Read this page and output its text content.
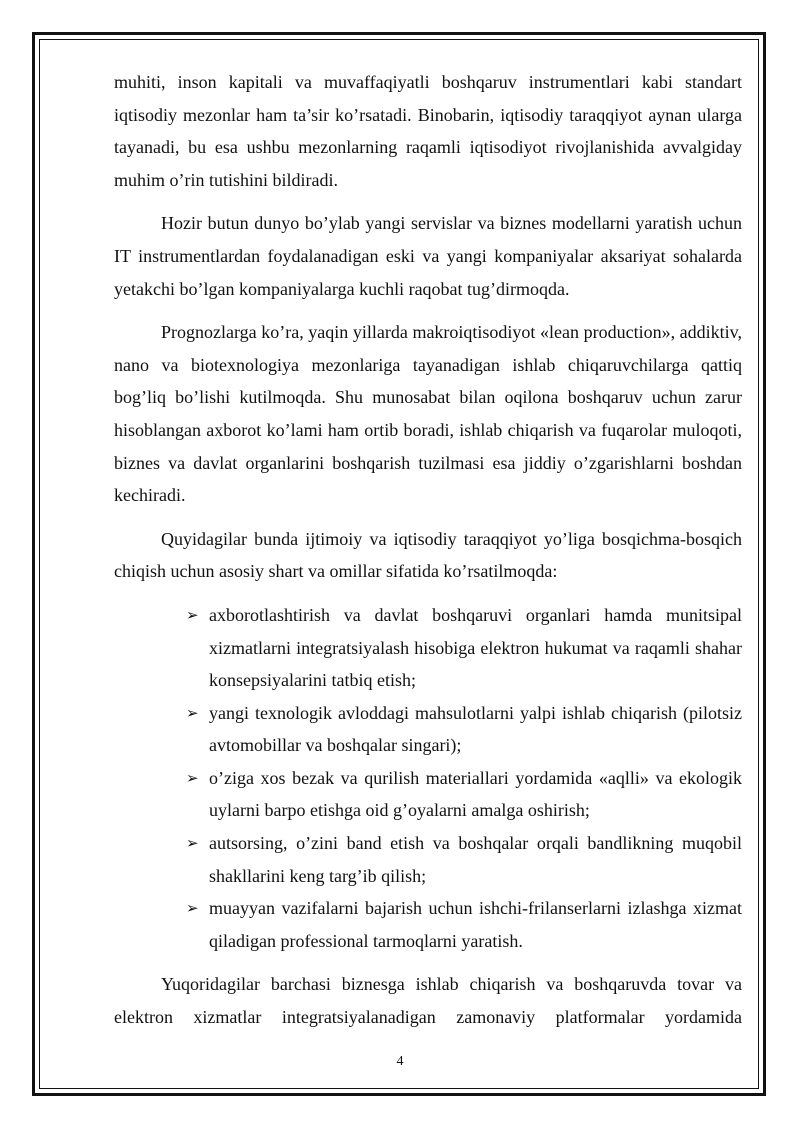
muhiti, inson kapitali va muvaffaqiyatli boshqaruv instrumentlari kabi standart iqtisodiy mezonlar ham ta’sir ko’rsatadi. Binobarin, iqtisodiy taraqqiyot aynan ularga tayanadi, bu esa ushbu mezonlarning raqamli iqtisodiyot rivojlanishida avvalgiday muhim o’rin tutishini bildiradi.

Hozir butun dunyo bo’ylab yangi servislar va biznes modellarni yaratish uchun IT instrumentlardan foydalanadigan eski va yangi kompaniyalar aksariyat sohalarda yetakchi bo’lgan kompaniyalarga kuchli raqobat tug’dirmoqda.

Prognozlarga ko’ra, yaqin yillarda makroiqtisodiyot «lean production», addiktiv, nano va biotexnologiya mezonlariga tayanadigan ishlab chiqaruvchilarga qattiq bog’liq bo’lishi kutilmoqda. Shu munosabat bilan oqilona boshqaruv uchun zarur hisoblangan axborot ko’lami ham ortib boradi, ishlab chiqarish va fuqarolar muloqoti, biznes va davlat organlarini boshqarish tuzilmasi esa jiddiy o’zgarishlarni boshdan kechiradi.

Quyidagilar bunda ijtimoiy va iqtisodiy taraqqiyot yo’liga bosqichma-bosqich chiqish uchun asosiy shart va omillar sifatida ko’rsatilmoqda:

➢ axborotlashtirish va davlat boshqaruvi organlari hamda munitsipal xizmatlarni integratsiyalash hisobiga elektron hukumat va raqamli shahar konsepsiyalarini tatbiq etish;
➢ yangi texnologik avloddagi mahsulotlarni yalpi ishlab chiqarish (pilotsiz avtomobillar va boshqalar singari);
➢ o’ziga xos bezak va qurilish materiallari yordamida «aqlli» va ekologik uylarni barpo etishga oid g’oyalarni amalga oshirish;
➢ autsorsing, o’zini band etish va boshqalar orqali bandlikning muqobil shakllarini keng targ’ib qilish;
➢ muayyan vazifalarni bajarish uchun ishchi-frilanserlarni izlashga xizmat qiladigan professional tarmoqlarni yaratish.

Yuqoridagilar barchasi biznesga ishlab chiqarish va boshqaruvda tovar va elektron xizmatlar integratsiyalanadigan zamonaviy platformalar yordamida

4
